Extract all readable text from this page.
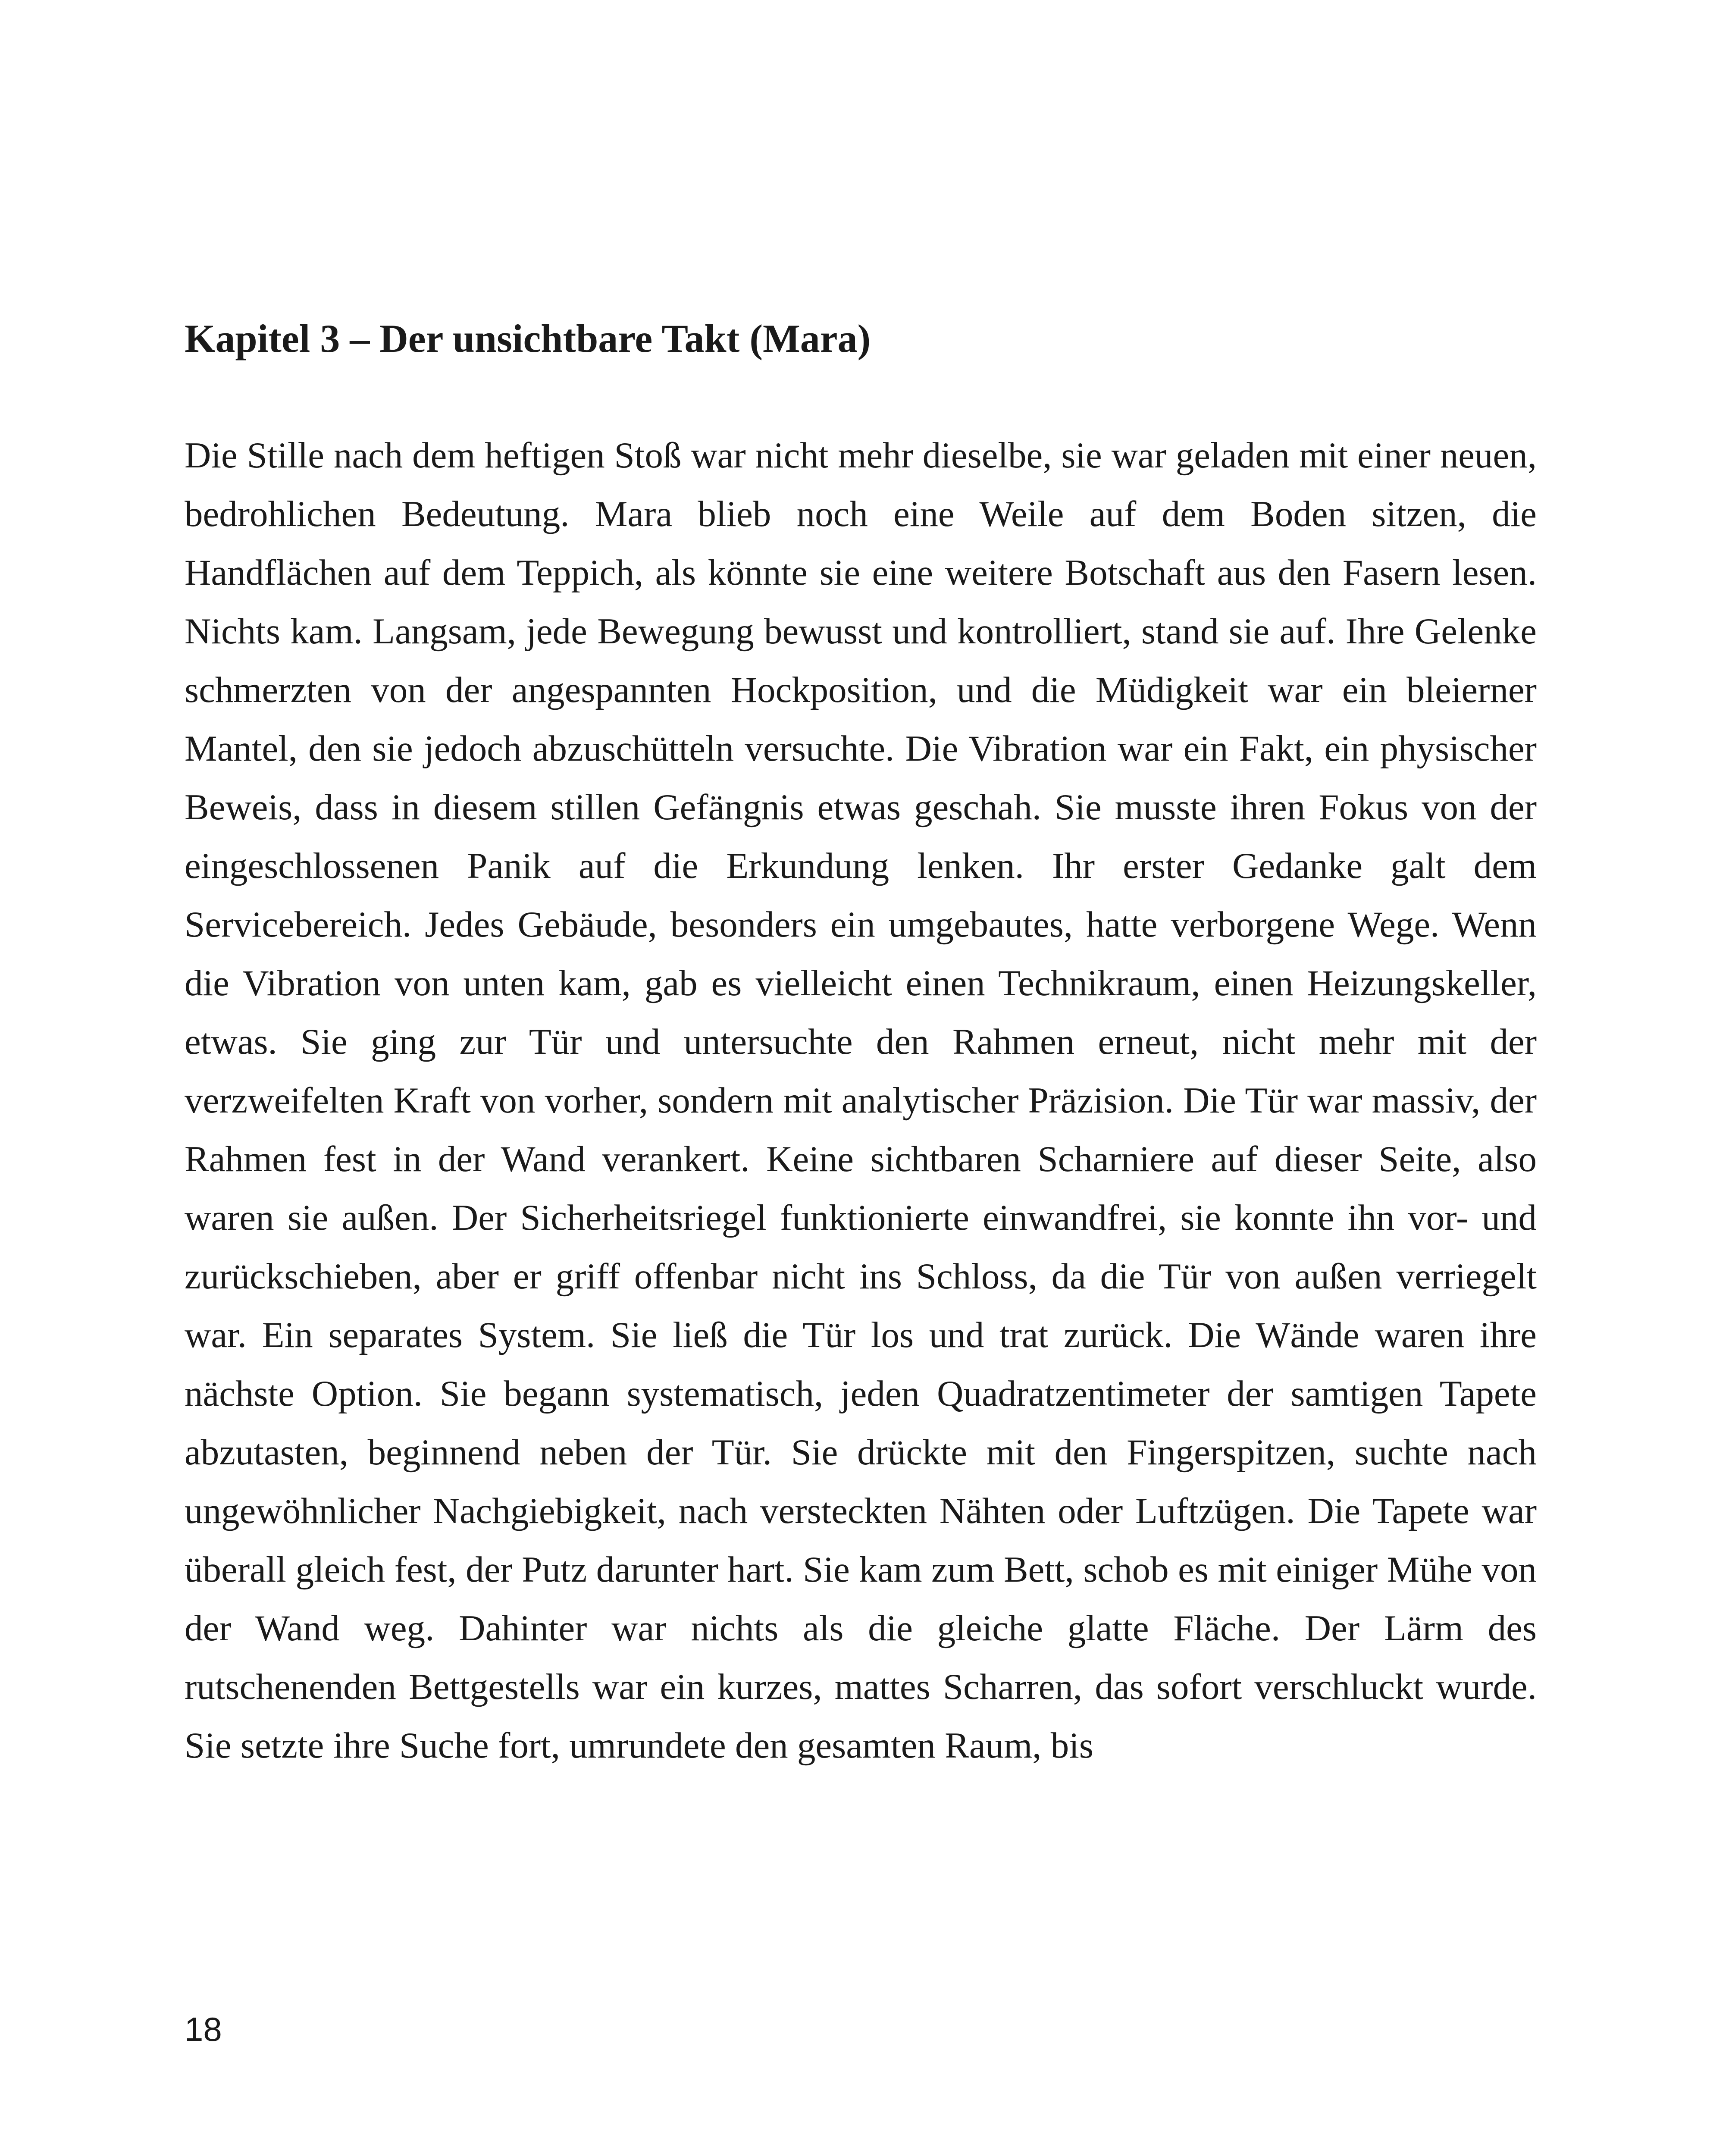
Kapitel 3 – Der unsichtbare Takt (Mara)

Die Stille nach dem heftigen Stoß war nicht mehr dieselbe, sie war geladen mit einer neuen, bedrohlichen Bedeutung. Mara blieb noch eine Weile auf dem Boden sitzen, die Handflächen auf dem Teppich, als könnte sie eine weitere Botschaft aus den Fasern lesen. Nichts kam. Langsam, jede Bewegung bewusst und kontrolliert, stand sie auf. Ihre Gelenke schmerzten von der angespannten Hockposition, und die Müdigkeit war ein bleierner Mantel, den sie jedoch abzuschütteln versuchte. Die Vibration war ein Fakt, ein physischer Beweis, dass in diesem stillen Gefängnis etwas geschah. Sie musste ihren Fokus von der eingeschlossenen Panik auf die Erkundung lenken. Ihr erster Gedanke galt dem Servicebereich. Jedes Gebäude, besonders ein umgebautes, hatte verborgene Wege. Wenn die Vibration von unten kam, gab es vielleicht einen Technikraum, einen Heizungskeller, etwas. Sie ging zur Tür und untersuchte den Rahmen erneut, nicht mehr mit der verzweifelten Kraft von vorher, sondern mit analytischer Präzision. Die Tür war massiv, der Rahmen fest in der Wand verankert. Keine sichtbaren Scharniere auf dieser Seite, also waren sie außen. Der Sicherheitsriegel funktionierte einwandfrei, sie konnte ihn vor- und zurückschieben, aber er griff offenbar nicht ins Schloss, da die Tür von außen verriegelt war. Ein separates System. Sie ließ die Tür los und trat zurück. Die Wände waren ihre nächste Option. Sie begann systematisch, jeden Quadratzentimeter der samtigen Tapete abzutasten, beginnend neben der Tür. Sie drückte mit den Fingerspitzen, suchte nach ungewöhnlicher Nachgiebigkeit, nach versteckten Nähten oder Luftzügen. Die Tapete war überall gleich fest, der Putz darunter hart. Sie kam zum Bett, schob es mit einiger Mühe von der Wand weg. Dahinter war nichts als die gleiche glatte Fläche. Der Lärm des rutschenenden Bettgestells war ein kurzes, mattes Scharren, das sofort verschluckt wurde. Sie setzte ihre Suche fort, umrundete den gesamten Raum, bis

18
